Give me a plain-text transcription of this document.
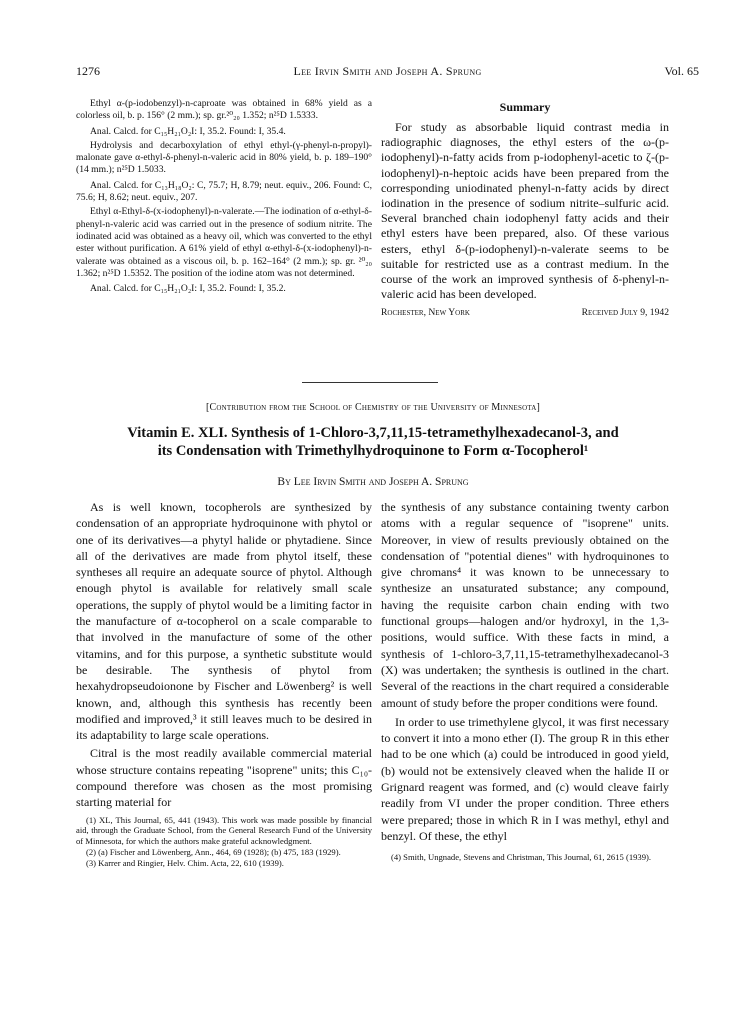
1276	Lee Irvin Smith and Joseph A. Sprung	Vol. 65

Ethyl α-(p-iodobenzyl)-n-caproate was obtained in 68% yield as a colorless oil, b. p. 156° (2 mm.); sp. gr.²⁰₂₀ 1.352; n²⁵D 1.5333.

Anal. Calcd. for C₁₅H₂₁O₂I: I, 35.2. Found: I, 35.4.

Hydrolysis and decarboxylation of ethyl ethyl-(γ-phenyl-n-propyl)-malonate gave α-ethyl-δ-phenyl-n-valeric acid in 80% yield, b. p. 189–190° (14 mm.); n²⁵D 1.5033.

Anal. Calcd. for C₁₃H₁₈O₂: C, 75.7; H, 8.79; neut. equiv., 206. Found: C, 75.6; H, 8.62; neut. equiv., 207.

Ethyl α-Ethyl-δ-(x-iodophenyl)-n-valerate.—The iodination of α-ethyl-δ-phenyl-n-valeric acid was carried out in the presence of sodium nitrite. The iodinated acid was obtained as a heavy oil, which was converted to the ethyl ester without purification. A 61% yield of ethyl α-ethyl-δ-(x-iodophenyl)-n-valerate was obtained as a viscous oil, b. p. 162–164° (2 mm.); sp. gr. ²⁰₂₀ 1.362; n²⁵D 1.5352. The position of the iodine atom was not determined.

Anal. Calcd. for C₁₅H₂₁O₂I: I, 35.2. Found: I, 35.2.

Summary

For study as absorbable liquid contrast media in radiographic diagnoses, the ethyl esters of the ω-(p-iodophenyl)-n-fatty acids from p-iodophenyl-acetic to ζ-(p-iodophenyl)-n-heptoic acids have been prepared from the corresponding uniodinated phenyl-n-fatty acids by direct iodination in the presence of sodium nitrite–sulfuric acid. Several branched chain iodophenyl fatty acids and their ethyl esters have been prepared, also. Of these various esters, ethyl δ-(p-iodophenyl)-n-valerate seems to be suitable for restricted use as a contrast medium. In the course of the work an improved synthesis of δ-phenyl-n-valeric acid has been developed.

Rochester, New York	Received July 9, 1942
[Contribution from the School of Chemistry of the University of Minnesota]
Vitamin E. XLI. Synthesis of 1-Chloro-3,7,11,15-tetramethylhexadecanol-3, and
its Condensation with Trimethylhydroquinone to Form α-Tocopherol¹
By Lee Irvin Smith and Joseph A. Sprung

As is well known, tocopherols are synthesized by condensation of an appropriate hydroquinone with phytol or one of its derivatives—a phytyl halide or phytadiene. Since all of the derivatives are made from phytol itself, these syntheses all require an adequate source of phytol. Although enough phytol is available for relatively small scale operations, the supply of phytol would be a limiting factor in the manufacture of α-tocopherol on a scale comparable to that involved in the manufacture of some of the other vitamins, and for this purpose, a synthetic substitute would be desirable. The synthesis of phytol from hexahydropseudoionone by Fischer and Löwenberg² is well known, and, although this synthesis has recently been modified and improved,³ it still leaves much to be desired in its adaptability to large scale operations.

Citral is the most readily available commercial material whose structure contains repeating "isoprene" units; this C₁₀-compound therefore was chosen as the most promising starting material for

(1) XL, This Journal, 65, 441 (1943). This work was made possible by financial aid, through the Graduate School, from the General Research Fund of the University of Minnesota, for which the authors make grateful acknowledgment.

(2) (a) Fischer and Löwenberg, Ann., 464, 69 (1928); (b) 475, 183 (1929).

(3) Karrer and Ringier, Helv. Chim. Acta, 22, 610 (1939).

the synthesis of any substance containing twenty carbon atoms with a regular sequence of "isoprene" units. Moreover, in view of results previously obtained on the condensation of "potential dienes" with hydroquinones to give chromans⁴ it was known to be unnecessary to synthesize an unsaturated substance; any compound, having the requisite carbon chain ending with two functional groups—halogen and/or hydroxyl, in the 1,3-positions, would suffice. With these facts in mind, a synthesis of 1-chloro-3,7,11,15-tetramethylhexadecanol-3 (X) was undertaken; the synthesis is outlined in the chart. Several of the reactions in the chart required a considerable amount of study before the proper conditions were found.

In order to use trimethylene glycol, it was first necessary to convert it into a mono ether (I). The group R in this ether had to be one which (a) could be introduced in good yield, (b) would not be extensively cleaved when the halide II or Grignard reagent was formed, and (c) would cleave fairly readily from VI under the proper condition. Three ethers were prepared; those in which R in I was methyl, ethyl and benzyl. Of these, the ethyl

(4) Smith, Ungnade, Stevens and Christman, This Journal, 61, 2615 (1939).
